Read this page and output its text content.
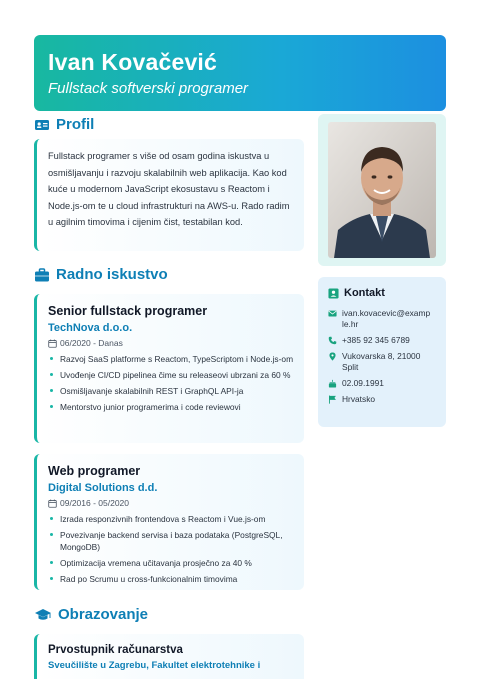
Ivan Kovačević
Fullstack softverski programer
Profil
Fullstack programer s više od osam godina iskustva u osmišljavanju i razvoju skalabilnih web aplikacija. Kao kod kuće u modernom JavaScript ekosustavu s Reactom i Node.js-om te u cloud infrastrukturi na AWS-u. Rado radim u agilnim timovima i cijenim čist, testabilan kod.
Radno iskustvo
Senior fullstack programer
TechNova d.o.o.
06/2020 - Danas
Razvoj SaaS platforme s Reactom, TypeScriptom i Node.js-om
Uvođenje CI/CD pipelinea čime su releaseovi ubrzani za 60 %
Osmišljavanje skalabilnih REST i GraphQL API-ja
Mentorstvo junior programerima i code reviewovi
Web programer
Digital Solutions d.d.
09/2016 - 05/2020
Izrada responzivnih frontendova s Reactom i Vue.js-om
Povezivanje backend servisa i baza podataka (PostgreSQL, MongoDB)
Optimizacija vremena učitavanja prosječno za 40 %
Rad po Scrumu u cross-funkcionalnim timovima
Obrazovanje
Prvostupnik računarstva
Sveučilište u Zagrebu, Fakultet elektrotehnike i
Kontakt
ivan.kovacevic@examp
le.hr
+385 92 345 6789
Vukovarska 8, 21000
Split
02.09.1991
Hrvatsko
